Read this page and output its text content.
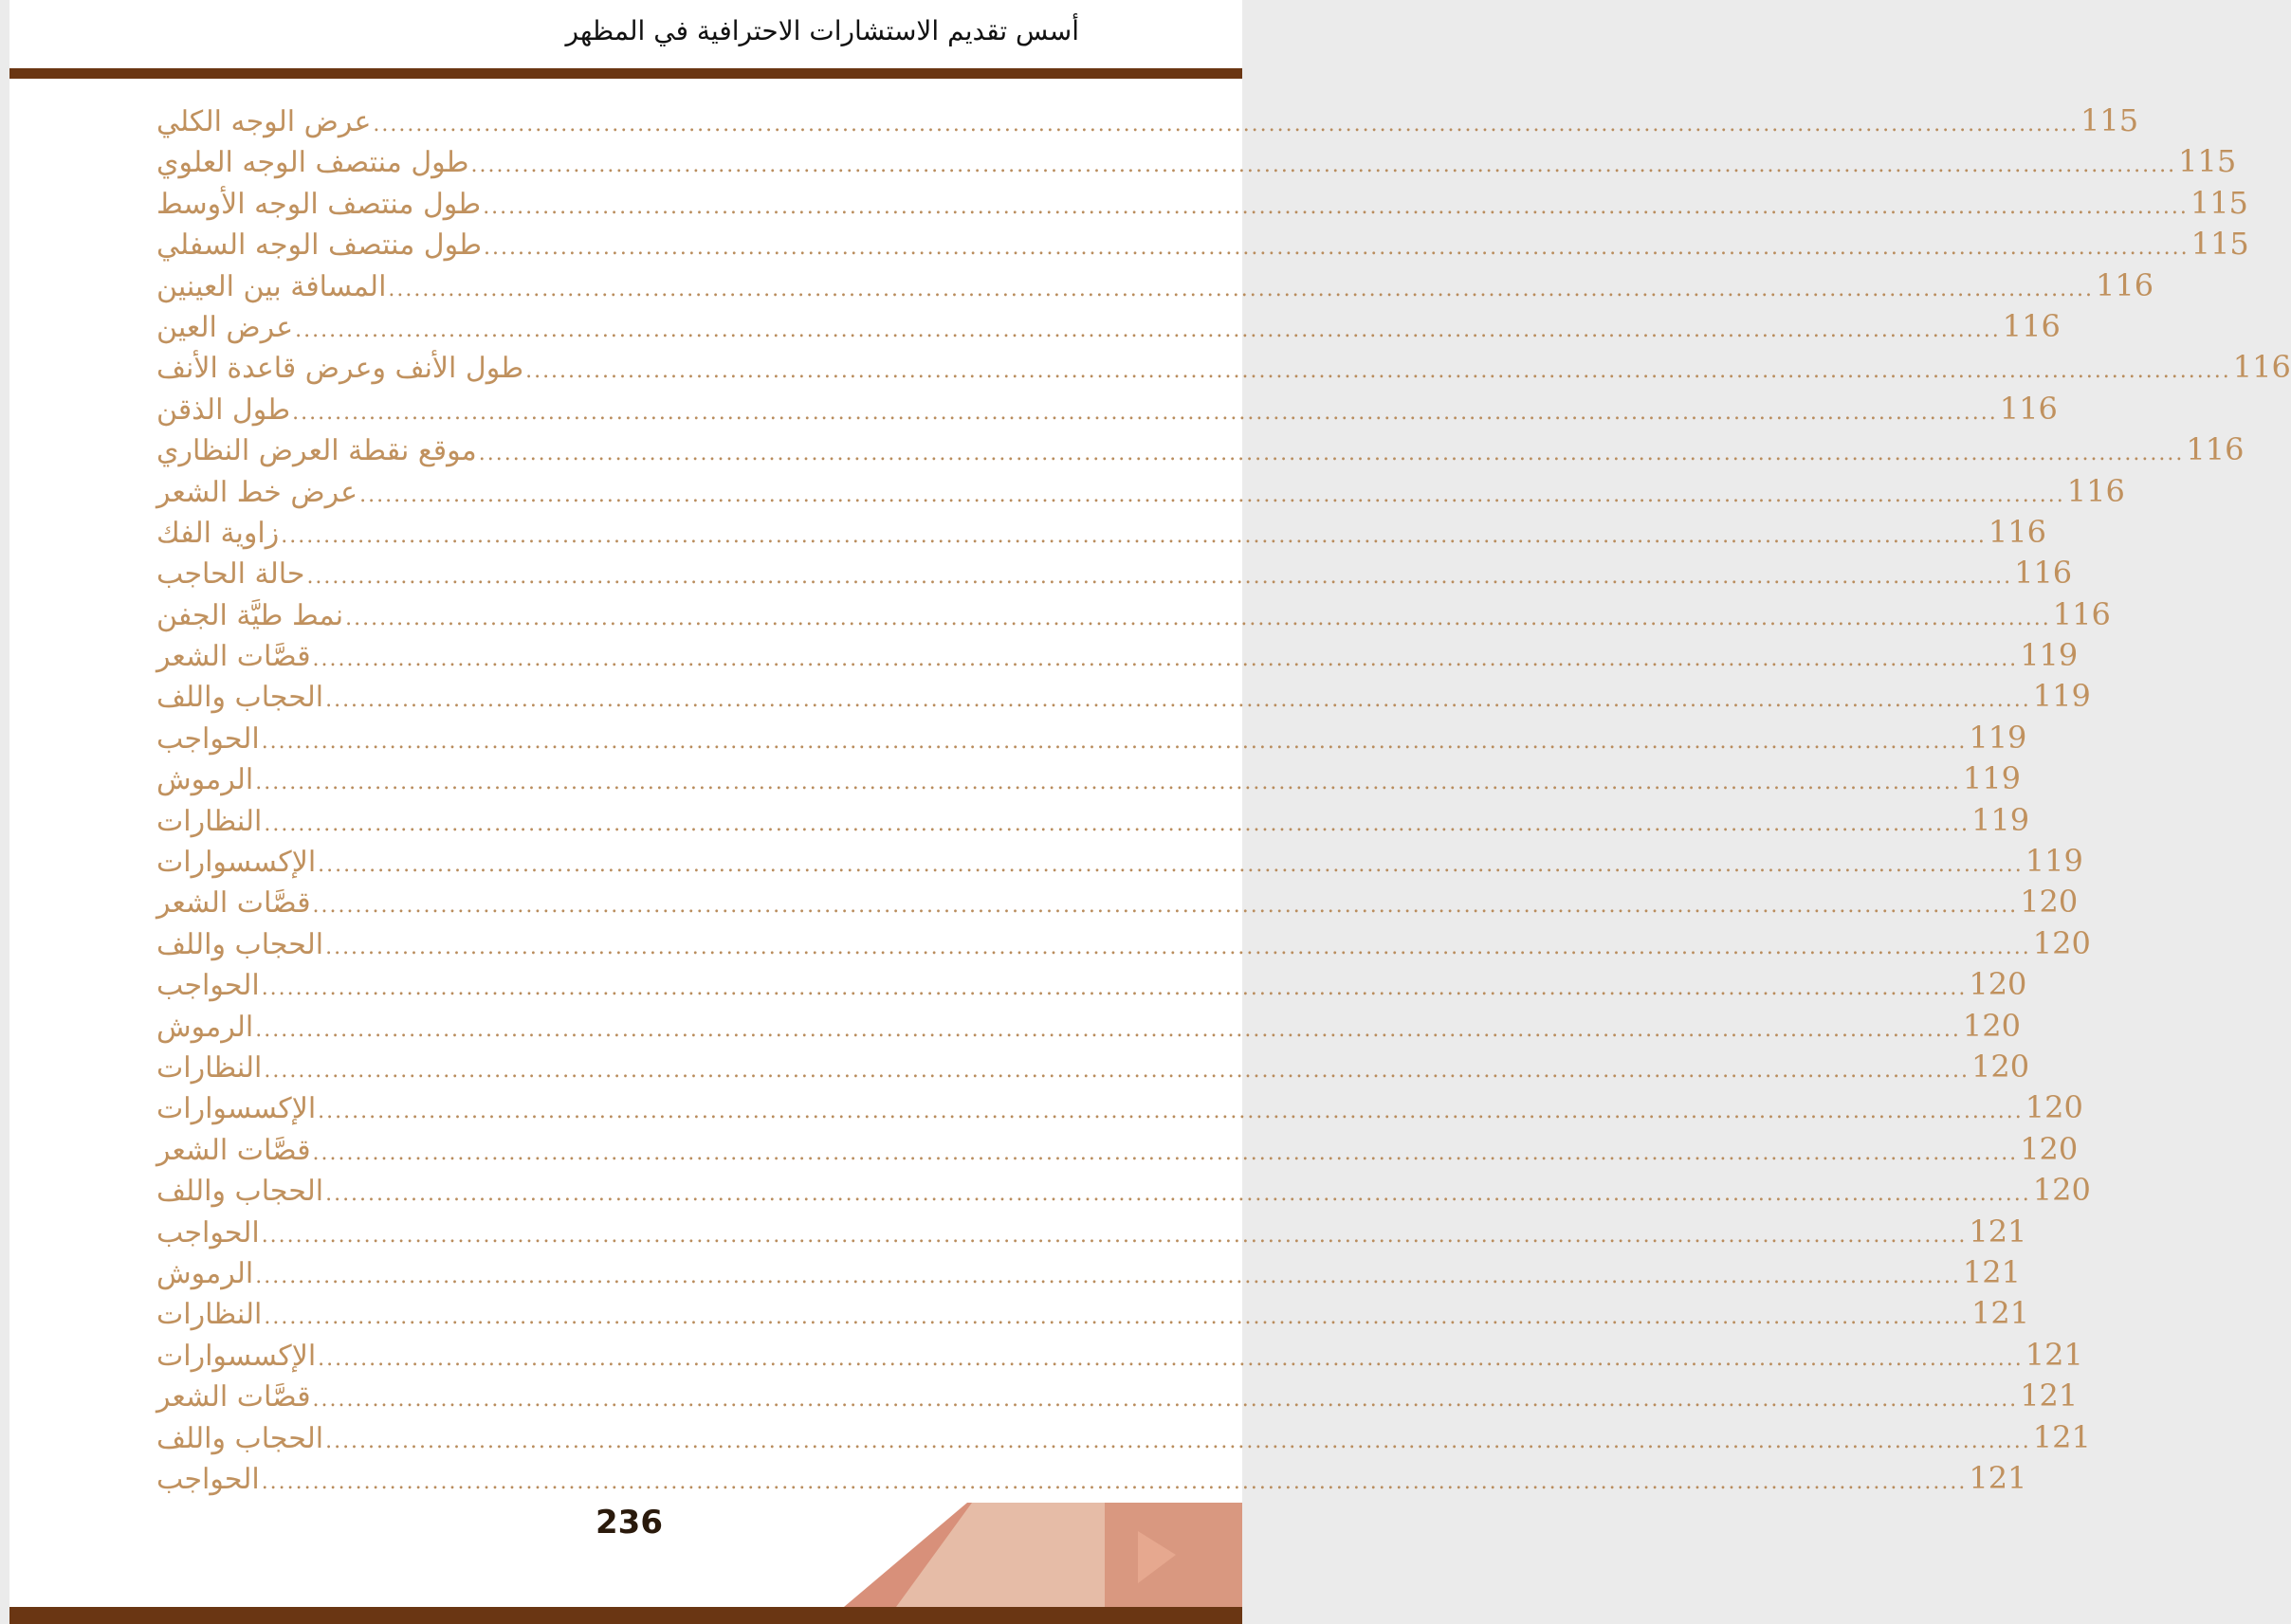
أسس تقديم الاستشارات الاحترافية في المظهر
عرض الوجه الكلي ........................................................................................................................................................................................................ 115
طول منتصف الوجه العلوي ........................................................................................................................................................................................................ 115
طول منتصف الوجه الأوسط ........................................................................................................................................................................................................ 115
طول منتصف الوجه السفلي ........................................................................................................................................................................................................ 115
المسافة بين العينين ........................................................................................................................................................................................................ 116
عرض العين ........................................................................................................................................................................................................ 116
طول الأنف وعرض قاعدة الأنف ........................................................................................................................................................................................................ 116
طول الذقن ........................................................................................................................................................................................................ 116
موقع نقطة العرض النظاري ........................................................................................................................................................................................................ 116
عرض خط الشعر ........................................................................................................................................................................................................ 116
زاوية الفك ........................................................................................................................................................................................................ 116
حالة الحاجب ........................................................................................................................................................................................................ 116
نمط طيَّة الجفن ........................................................................................................................................................................................................ 116
قصَّات الشعر ........................................................................................................................................................................................................ 119
الحجاب واللف ........................................................................................................................................................................................................ 119
الحواجب ........................................................................................................................................................................................................ 119
الرموش ........................................................................................................................................................................................................ 119
النظارات ........................................................................................................................................................................................................ 119
الإكسسوارات ........................................................................................................................................................................................................ 119
قصَّات الشعر ........................................................................................................................................................................................................ 120
الحجاب واللف ........................................................................................................................................................................................................ 120
الحواجب ........................................................................................................................................................................................................ 120
الرموش ........................................................................................................................................................................................................ 120
النظارات ........................................................................................................................................................................................................ 120
الإكسسوارات ........................................................................................................................................................................................................ 120
قصَّات الشعر ........................................................................................................................................................................................................ 120
الحجاب واللف ........................................................................................................................................................................................................ 120
الحواجب ........................................................................................................................................................................................................ 121
الرموش ........................................................................................................................................................................................................ 121
النظارات ........................................................................................................................................................................................................ 121
الإكسسوارات ........................................................................................................................................................................................................ 121
قصَّات الشعر ........................................................................................................................................................................................................ 121
الحجاب واللف ........................................................................................................................................................................................................ 121
الحواجب ........................................................................................................................................................................................................ 121
236
